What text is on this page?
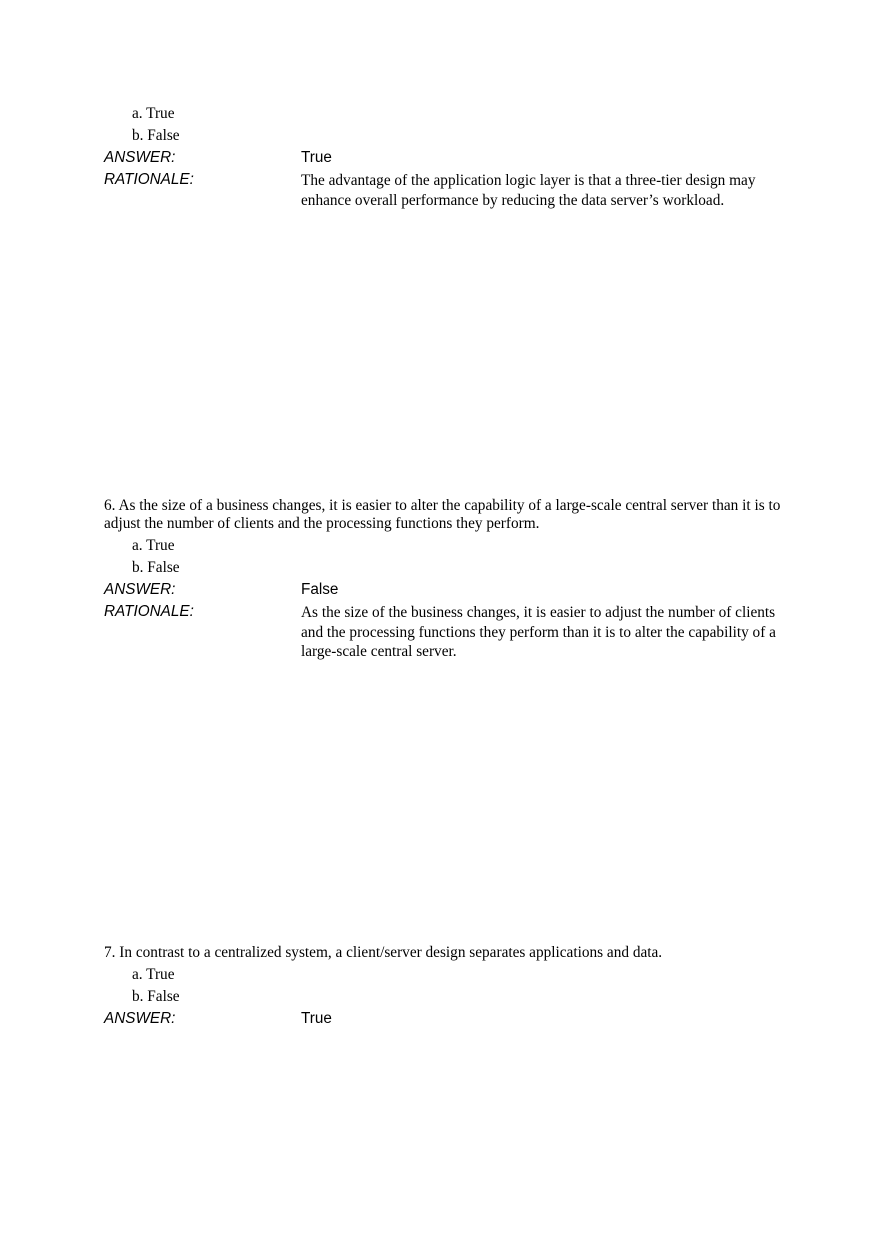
a. True
b. False
ANSWER:	True
RATIONALE:	The advantage of the application logic layer is that a three-tier design may enhance overall performance by reducing the data server’s workload.

6. As the size of a business changes, it is easier to alter the capability of a large-scale central server than it is to adjust the number of clients and the processing functions they perform.

a. True
b. False
ANSWER:	False
RATIONALE:	As the size of the business changes, it is easier to adjust the number of clients and the processing functions they perform than it is to alter the capability of a large-scale central server.

7. In contrast to a centralized system, a client/server design separates applications and data.

a. True
b. False
ANSWER:	True
